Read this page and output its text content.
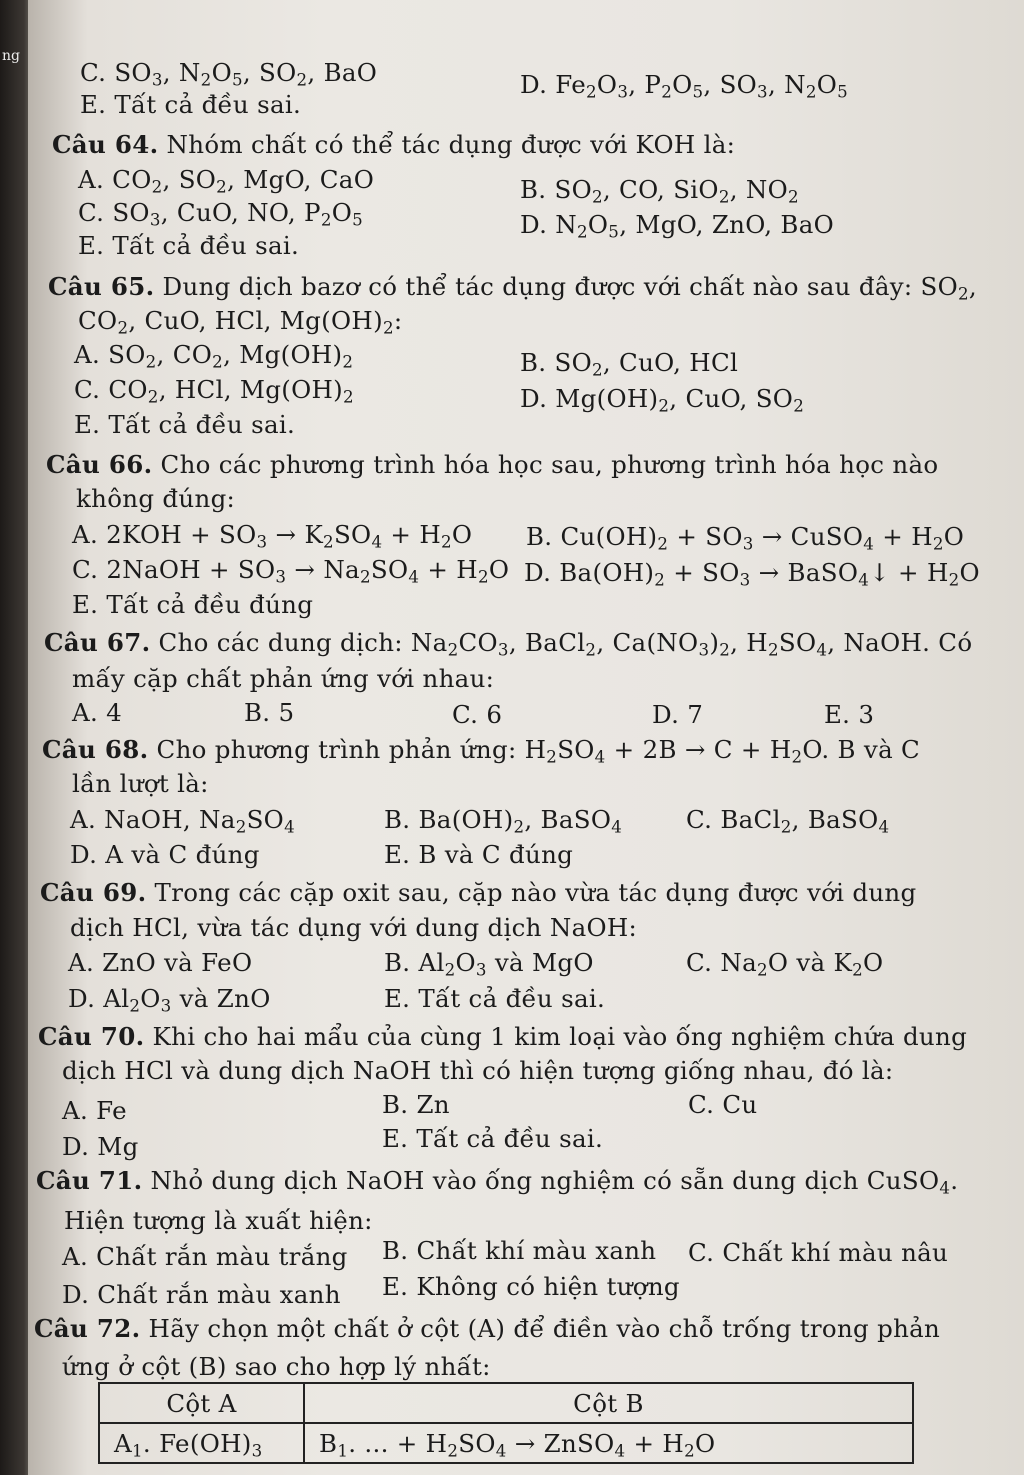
ng
C. $SO_3$, $N_2O_5$, $SO_2$, BaO	D. $Fe_2O_3$, $P_2O_5$, $SO_3$, $N_2O_5$
E. Tất cả đều sai.
Câu 64. Nhóm chất có thể tác dụng được với KOH là:
A. $CO_2$, $SO_2$, MgO, CaO	B. $SO_2$, CO, SiO$_2$, $NO_2$
C. $SO_3$, CuO, NO, $P_2O_5$	D. $N_2O_5$, MgO, ZnO, BaO
E. Tất cả đều sai.
Câu 65. Dung dịch bazơ có thể tác dụng được với chất nào sau đây: $SO_2$,
$CO_2$, CuO, HCl, $Mg(OH)_2$:
A. $SO_2$, $CO_2$, $Mg(OH)_2$	B. $SO_2$, CuO, HCl
C. $CO_2$, HCl, $Mg(OH)_2$	D. $Mg(OH)_2$, CuO, $SO_2$
E. Tất cả đều sai.
Câu 66. Cho các phương trình hóa học sau, phương trình hóa học nào
không đúng:
A. $2KOH + SO_3 \to K_2SO_4 + H_2O$ B. $Cu(OH)_2 + SO_3$ → CuSO$_4$ + $H_2O$
C. 2NaOH + $SO_3 \to Na_2SO_4 + H_2O$ D. $Ba(OH)_2 + SO_3$ → BaSO$_4$↓ + $H_2O$
E. Tất cả đều đúng
Câu 67. Cho các dung dịch: $Na_2CO_3$, BaCl$_2$, $Ca(NO_3)_2$, $H_2SO_4$, NaOH. Có
mấy cặp chất phản ứng với nhau:
A. 4	B. 5	C. 6	D. 7	E. 3
Câu 68. Cho phương trình phản ứng: $H_2SO_4 + 2B \to C + H_2O$. B và C
lần lượt là:
A. NaOH, $Na_2SO_4$	B. $Ba(OH)_2$, BaSO$_4$	C. BaCl$_2$, BaSO$_4$
D. A và C đúng	E. B và C đúng
Câu 69. Trong các cặp oxit sau, cặp nào vừa tác dụng được với dung
dịch HCl, vừa tác dụng với dung dịch NaOH:
A. ZnO và FeO	B. $Al_2O_3$ và MgO	C. $Na_2O$ và $K_2O$
D. $Al_2O_3$ và ZnO	E. Tất cả đều sai.
Câu 70. Khi cho hai mẩu của cùng 1 kim loại vào ống nghiệm chứa dung
dịch HCl và dung dịch NaOH thì có hiện tượng giống nhau, đó là:
A. Fe	B. Zn	C. Cu
D. Mg	E. Tất cả đều sai.
Câu 71. Nhỏ dung dịch NaOH vào ống nghiệm có sẵn dung dịch CuSO$_4$.
Hiện tượng là xuất hiện:
A. Chất rắn màu trắng B. Chất khí màu xanh C. Chất khí màu nâu
D. Chất rắn màu xanh E. Không có hiện tượng
Câu 72. Hãy chọn một chất ở cột (A) để điền vào chỗ trống trong phản
ứng ở cột (B) sao cho hợp lý nhất:
Cột A	Cột B
$A_1$. $Fe(OH)_3$	$B_1$. ... + $H_2SO_4$ → ZnSO$_4$ + $H_2O$
